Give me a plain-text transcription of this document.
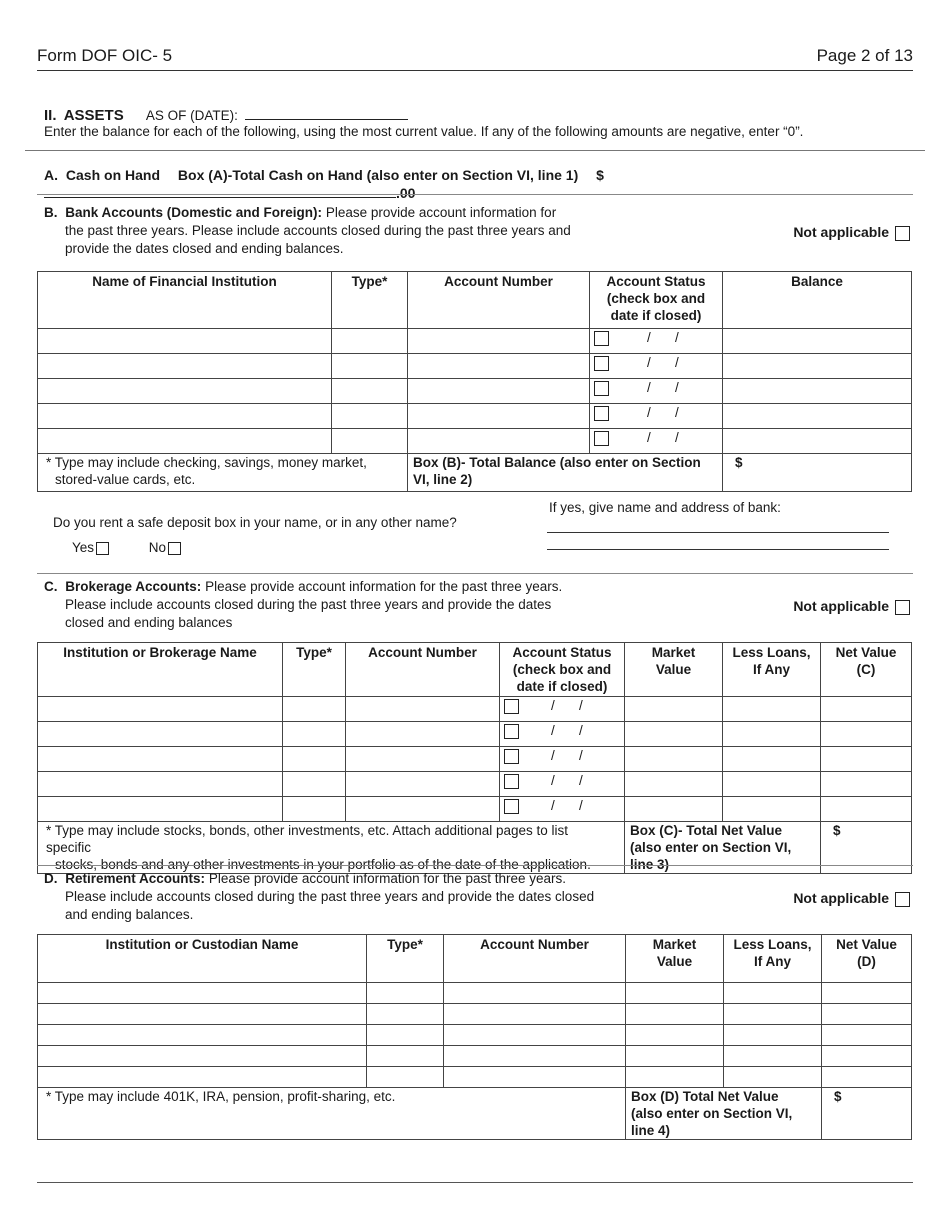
Form DOF OIC- 5	Page 2 of 13
II. ASSETS AS OF (DATE):
Enter the balance for each of the following, using the most current value. If any of the following amounts are negative, enter “0”.
A. Cash on Hand Box (A)-Total Cash on Hand (also enter on Section VI, line 1) $.00
B. Bank Accounts (Domestic and Foreign): Please provide account information for
the past three years. Please include accounts closed during the past three years and
provide the dates closed and ending balances.
Not applicable
Name of Financial Institution	Type*	Account Number	Account Status (check box and date if closed)	Balance
			/ /	
			/ /	
			/ /	
			/ /	
			/ /	

* Type may include checking, savings, money market,
stored-value cards, etc.		Box (B)- Total Balance (also enter on Section VI, line 2)		$
Do you rent a safe deposit box in your name, or in any other name?
Yes	No
If yes, give name and address of bank:
C. Brokerage Accounts: Please provide account information for the past three years.
Please include accounts closed during the past three years and provide the dates
closed and ending balances
Not applicable
Institution or Brokerage Name	Type*	Account Number	Account Status (check box and date if closed)	Market Value	Less Loans, If Any	Net Value (C)
			/ /			
			/ /			
			/ /			
			/ /			
			/ /			

* Type may include stocks, bonds, other investments, etc. Attach additional pages to list specific
stocks, bonds and any other investments in your portfolio as of the date of the application.				Box (C)- Total Net Value (also enter on Section VI, line 3)		$
D. Retirement Accounts: Please provide account information for the past three years.
Please include accounts closed during the past three years and provide the dates closed
and ending balances.
Not applicable
Institution or Custodian Name	Type*	Account Number	Market Value	Less Loans, If Any	Net Value (D)

* Type may include 401K, IRA, pension, profit-sharing, etc.			Box (D) Total Net Value (also enter on Section VI, line 4)		$
